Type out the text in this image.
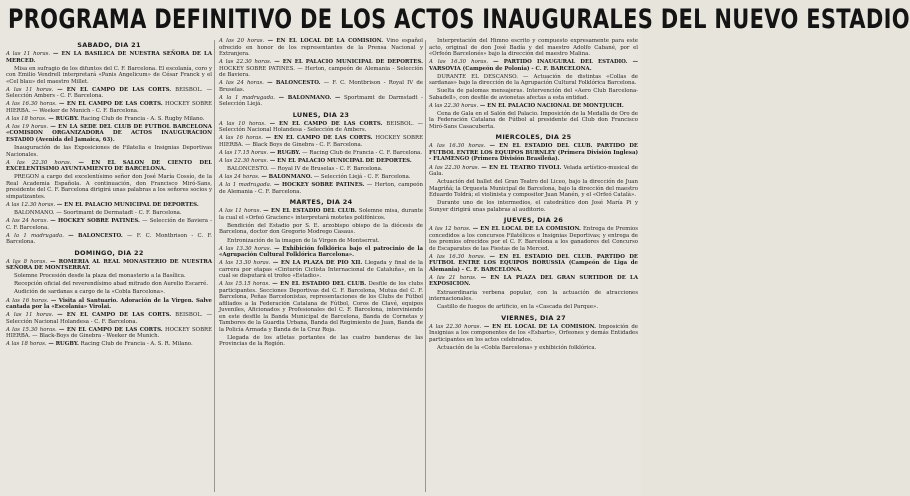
PROGRAMA DEFINITIVO DE LOS ACTOS INAUGURALES DEL NUEVO ESTADIO
SABADO, DIA 21
A las 11 horas. — EN LA BASILICA DE NUESTRA SEÑORA DE LA MERCED.
Misa en sufragio de los difuntos del C. F. Barcelona. El escolanía, coro y con Emilio Vendrell interpretará «Panis Angelicum» de César Franck y el «Cel blau» del maestro Millet.
A las 11 horas. — EN EL CAMPO DE LAS CORTS. BEISBOL. — Selección Ambers - C. F. Barcelona.
A las 16.30 horas. — EN EL CAMPO DE LAS CORTS. HOCKEY SOBRE HIERBA. — Weeker de Munich - C. F. Barcelona.
A las 18 horas. — RUGBY. Racing Club de Francia - A. S. Rugby Milano.
A las 19 horas. — EN LA SEDE DEL CLUB DE FUTBOL BARCELONA «COMISION ORGANIZADORA DE ACTOS INAUGURACION ESTADIO (Avenida del Jamaica, 63).
Inauguración de las Exposiciones de Filatelia e Insignias Deportivas Nacionales.
A las 22.30 horas. — EN EL SALON DE CIENTO DEL EXCELENTISIMO AYUNTAMIENTO DE BARCELONA.
PREGON a cargo del excelentísimo señor don José María Cossío, de la Real Academia Española. A continuación, don Francisco Miró-Sans, presidente del C. F. Barcelona dirigirá unas palabras a los señores socios y simpatizantes.
A las 12.30 horas. — EN EL PALACIO MUNICIPAL DE DEPORTES.
BALONMANO. — Soortmamt de Dermatadt - C. F. Barcelona.
A las 24 horas. — HOCKEY SOBRE PATINES. — Selección de Baviera - C. F. Barcelona.
A la 1 madrugada. — BALONCESTO. — F. C. Montbrison - C. F. Barcelona.
DOMINGO, DIA 22
A las 8 horas. — ROMERIA AL REAL MONASTERIO DE NUESTRA SEÑORA DE MONTSERRAT.
Solemne Procesión desde la plaza del monasterio a la Basílica.
Recepción oficial del reverendísimo abad mitrado don Aurelio Escarré.
Audición de sardanas a cargo de la «Cobla Barcelona».
A las 16 horas. — Visita al Santuario. Adoración de la Virgen. Salve cantada por la «Escolanía» Virolai.
A las 11 horas. — EN EL CAMPO DE LAS CORTS. BEISBOL. — Selección Nacional Holandesa - C. F. Barcelona.
A las 15.30 horas. — EN EL CAMPO DE LAS CORTS. HOCKEY SOBRE HIERBA. — Black-Boys de Ginebra - Weeker de Munich.
A las 18 horas. — RUGBY. Racing Club de Francia - A. S. R. Milano.
A las 20 horas. — EN EL LOCAL DE LA COMISION. Vino español ofrecido en honor de los representantes de la Prensa Nacional y Extranjera.
A las 22.30 horas. — EN EL PALACIO MUNICIPAL DE DEPORTES. HOCKEY SOBRE PATINES. — Herton, campeón de Alemania - Selección de Baviera.
A las 24 horas. — BALONCESTO. — F. C. Montbrison - Royal IV de Bruselas.
A la 1 madrugada. — BALONMANO. — Sportmamt de Darmstadt - Selección Liejá.
LUNES, DIA 23
A las 10 horas. — EN EL CAMPO DE LAS CORTS. BEISBOL. — Selección Nacional Holandesa - Selección de Ambers.
A las 16 horas. — EN EL CAMPO DE LAS CORTS. HOCKEY SOBRE HIERBA. — Black Boys de Ginebra - C. F. Barcelona.
A las 17.15 horas. — RUGBY. — Racing Club de Francia - C. F. Barcelona.
A las 22.30 horas. — EN EL PALACIO MUNICIPAL DE DEPORTES.
BALONCESTO. — Royal IV de Bruselas - C. F. Barcelona.
A las 24 horas. — BALONMANO. — Selección Liejá - C. F. Barcelona.
A la 1 madrugada. — HOCKEY SOBRE PATINES. — Herton, campeón de Alemania - C. F. Barcelona.
MARTES, DIA 24
A las 11 horas. — EN EL ESTADIO DEL CLUB. Solemne misa, durante la cual el «Orfeó Gracienc» interpretará motetes polifónicos.
Bendición del Estadio por S. E. arzobispo obispo de la diócesis de Barcelona, doctor don Gregorio Modrego Casaus.
Entronización de la imagen de la Virgen de Montserrat.
A las 13.30 horas. — Exhibición folklórica bajo el patrocinio de la «Agrupación Cultural Folklórica Barcelona».
A las 13.30 horas. — EN LA PLAZA DE PIO XII. Llegada y final de la carrera por etapas «Cinturón Ciclista Internacional de Cataluña», en la cual se disputará el trofeo «Estadio».
A las 15.15 horas. — EN EL ESTADIO DEL CLUB. Desfile de los clubs participantes. Secciones Deportivas del C. F. Barcelona, Mutua del C. F. Barcelona, Peñas Barcelonistas, representaciones de los Clubs de Fútbol afiliados a la Federación Catalana de Fútbol, Coros de Clavé, equipos Juveniles, Aficionados y Profesionales del C. F. Barcelona, interviniendo en este desfile la Banda Municipal de Barcelona, Banda de Cornetas y Tambores de la Guardia Urbana, Banda del Regimiento de Juan, Banda de la Policía Armada y Banda de la Cruz Roja.
Llegada de los atletas portantes de las cuatro banderas de las Provincias de la Región.
Interpretación del Himno escrito y compuesto expresamente para este acto, original de don José Badía y del maestro Adolfo Cabané, por el «Orfeón Barcelonés» bajo la dirección del maestro Malina.
A las 16.30 horas. — PARTIDO INAUGURAL DEL ESTADIO. — VARSOVIA (Campeón de Polonia) - C. F. BARCELONA.
DURANTE EL DESCANSO. — Actuación de distintas «Collas de sardanas» bajo la dirección de la Agrupación Cultural Folklórica Barcelona.
Suelta de palomas mensajeras. Intervención del «Aero Club Barcelona-Sabadell», con desfile de avionetas afectas a esta entidad.
A las 22.30 horas. — EN EL PALACIO NACIONAL DE MONTJUICH.
Cena de Gala en el Salón del Palacio. Imposición de la Medalla de Oro de la Federación Catalana de Fútbol al presidente del Club don Francisco Miró-Sans Casacuberta.
MIERCOLES, DIA 25
A las 16.30 horas. — EN EL ESTADIO DEL CLUB. PARTIDO DE FUTBOL ENTRE LOS EQUIPOS BURNLEY (Primera División Inglesa) - FLAMENGO (Primera División Brasileña).
A las 22.30 horas. — EN EL TEATRO TIVOLI. Velada artístico-musical de Gala.
Actuación del ballet del Gran Teatro del Liceo, bajo la dirección de Juan Magriñá; la Orquesta Municipal de Barcelona, bajo la dirección del maestro Eduardo Toldrá; el violinista y compositor Juan Manén, y el «Orfeó Català».
Durante uno de los intermedios, el catedrático don José María Pi y Sunyer dirigirá unas palabras al auditorio.
JUEVES, DIA 26
A las 12 horas. — EN EL LOCAL DE LA COMISION. Entrega de Premios concedidos a los concursos Filatélicos e Insignias Deportivas; y entrega de los premios ofrecidos por el C. F. Barcelona a los ganadores del Concurso de Escaparates de las Fiestas de la Merced.
A las 16.30 horas. — EN EL ESTADIO DEL CLUB. PARTIDO DE FUTBOL ENTRE LOS EQUIPOS BORUSSIA (Campeón de Liga de Alemania) - C. F. BARCELONA.
A las 21 horas. — EN LA PLAZA DEL GRAN SURTIDOR DE LA EXPOSICION.
Extraordinaria verbena popular, con la actuación de atracciones internacionales.
Castillo de fuegos de artificio, en la «Cascada del Parque».
VIERNES, DIA 27
A las 22.30 horas. — EN EL LOCAL DE LA COMISION. Imposición de Insignias a los componentes de los «Esbarts», Orfeones y demás Entidades participantes en los actos celebrados.
Actuación de la «Cobla Barcelona» y exhibición folklórica.
